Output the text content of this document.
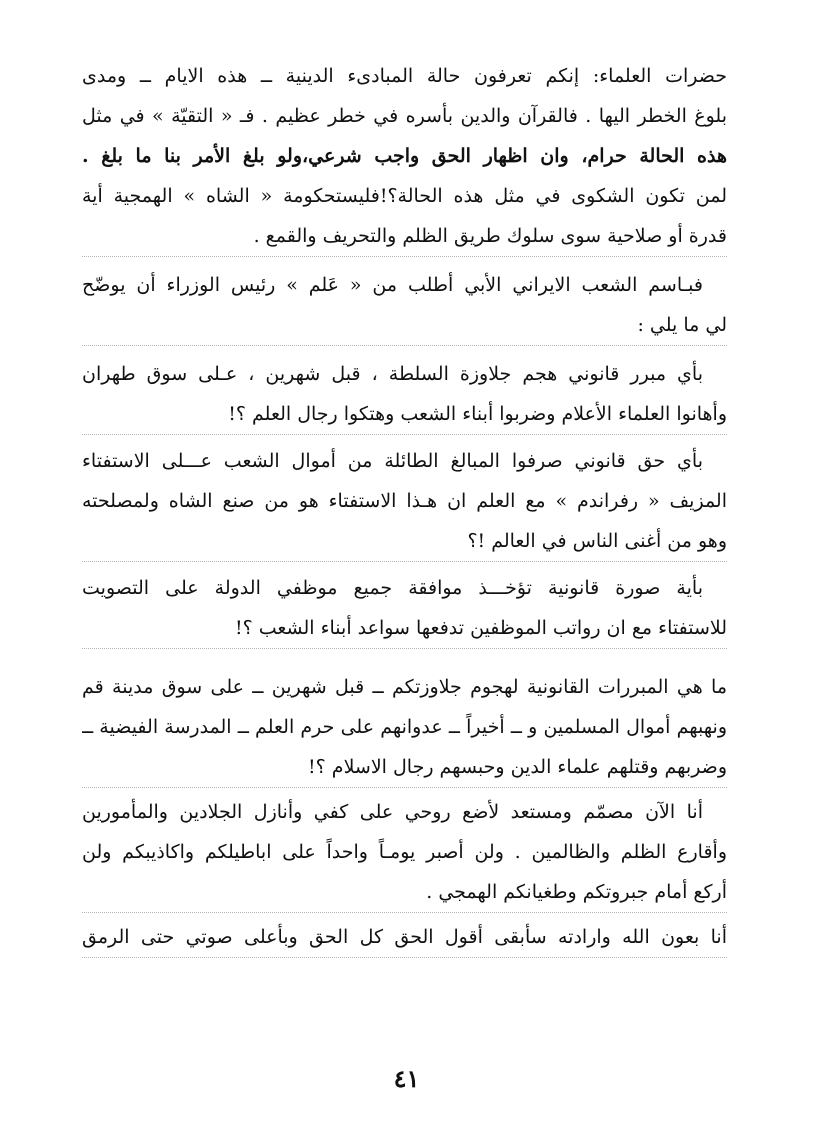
حضرات العلماء: إنكم تعرفون حالة المبادىء الدينية ــ هذه الايام ــ ومدى
بلوغ الخطر اليها . فالقرآن والدين بأسره في خطر عظيم . فـ « التقيّة » في مثل
هذه الحالة حرام، وان اظهار الحق واجب شرعي،ولو بلغ الأمر بنا ما بلغ .
لمن تكون الشكوى في مثل هذه الحالة؟!فليستحكومة « الشاه » الهمجية أية
قدرة أو صلاحية سوى سلوك طريق الظلم والتحريف والقمع .
فبـاسم الشعب الايراني الأبي أطلب من « عَلم » رئيس الوزراء أن يوضّح
لي ما يلي :
بأي مبرر قانوني هجم جلاوزة السلطة ، قبل شهرين ، عـلى سوق طهران
وأهانوا العلماء الأعلام وضربوا أبناء الشعب وهتكوا رجال العلم ؟!
بأي حق قانوني صرفوا المبالغ الطائلة من أموال الشعب عـــلى الاستفتاء
المزيف « رفراندم » مع العلم ان هـذا الاستفتاء هو من صنع الشاه ولمصلحته
وهو من أغنى الناس في العالم !؟
بأية صورة قانونية تؤخـــذ موافقة جميع موظفي الدولة على التصويت
للاستفتاء مع ان رواتب الموظفين تدفعها سواعد أبناء الشعب ؟!
ما هي المبررات القانونية لهجوم جلاوزتكم ــ قبل شهرين ــ على سوق مدينة قم
ونهبهم أموال المسلمين و ــ أخيراً ــ عدوانهم على حرم العلم ــ المدرسة الفيضية ــ
وضربهم وقتلهم علماء الدين وحبسهم رجال الاسلام ؟!
أنا الآن مصمّم ومستعد لأضع روحي على كفي وأنازل الجلادين والمأمورين
وأقارع الظلم والظالمين . ولن أصبر يومـاً واحداً على اباطيلكم واكاذيبكم ولن
أركع أمام جبروتكم وطغيانكم الهمجي .
أنا بعون الله وارادته سأبقى أقول الحق كل الحق وبأعلى صوتي حتى الرمق
٤١
